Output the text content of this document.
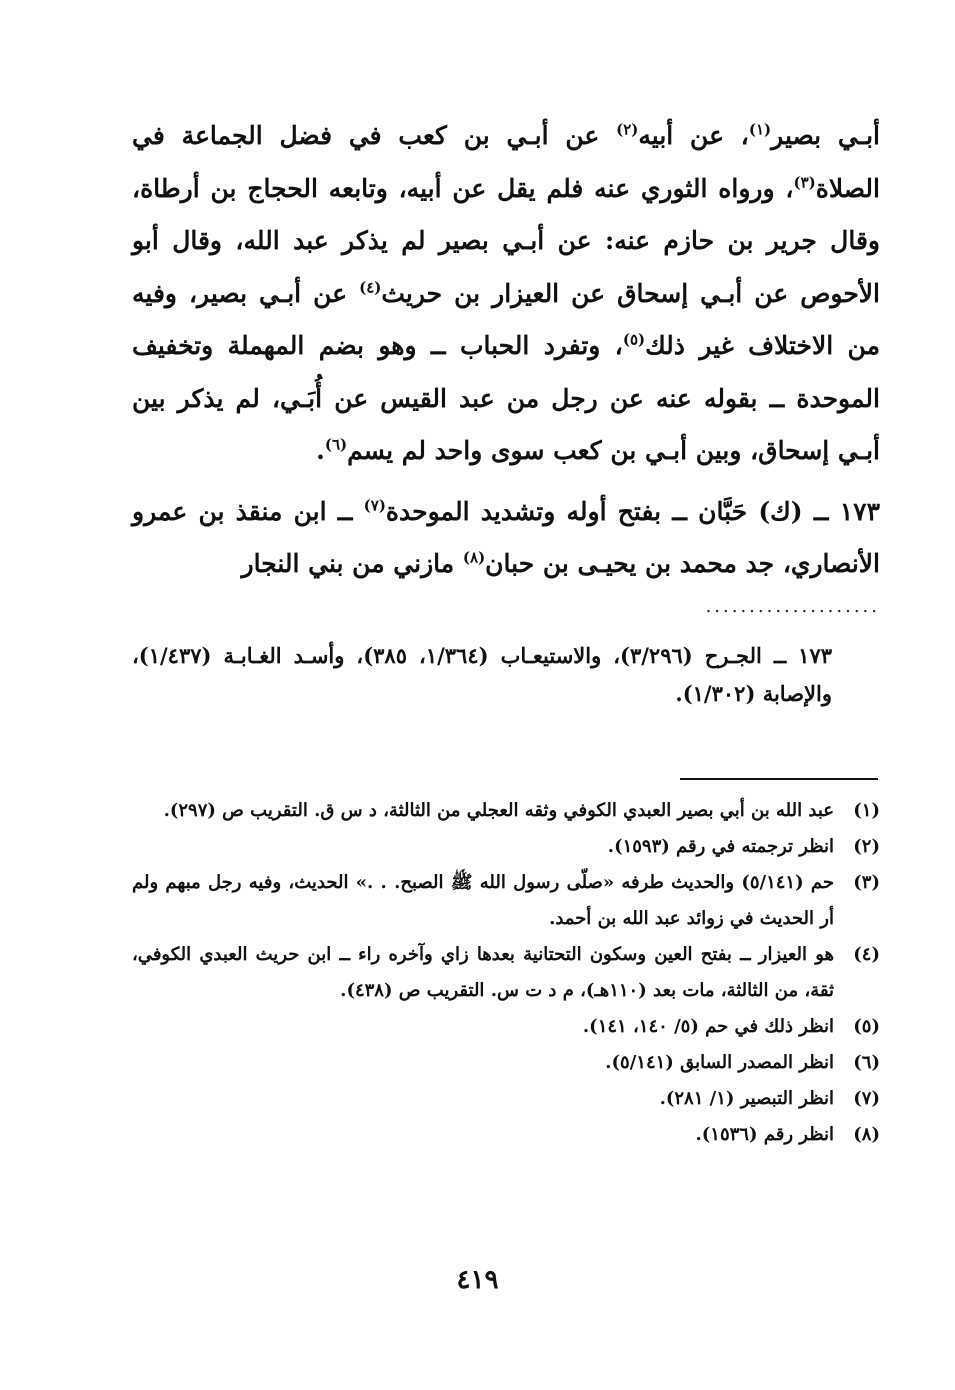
أبـي بصير$^{(١)}$، عن أبيه$^{(٢)}$ عن أبـي بن كعب في فضل الجماعة في الصلاة$^{(٣)}$، ورواه الثوري عنه فلم يقل عن أبيه، وتابعه الحجاج بن أرطاة، وقال جرير بن حازم عنه: عن أبـي بصير لم يذكر عبد الله، وقال أبو الأحوص عن أبـي إسحاق عن العيزار بن حريث$^{(٤)}$ عن أبـي بصير، وفيه من الاختلاف غير ذلك$^{(٥)}$، وتفرد الحباب ــ وهو بضم المهملة وتخفيف الموحدة ــ بقوله عنه عن رجل من عبد القيس عن أُبَـي، لم يذكر بين أبـي إسحاق، وبين أبـي بن كعب سوى واحد لم يسم$^{(٦)}$.

١٧٣ ــ (ك) حَبَّان ــ بفتح أوله وتشديد الموحدة$^{(٧)}$ ــ ابن منقذ بن عمرو الأنصاري، جد محمد بن يحيـى بن حبان$^{(٨)}$ مازني من بني النجار

....................
١٧٣ ــ الجـرح (٣/٢٩٦)، والاستيعـاب (١/٣٦٤، ٣٨٥)، وأسـد الغـابـة (١/٤٣٧)، والإصابة (١/٣٠٢).
(١)
عبد الله بن أبي بصير العبدي الكوفي وثقه العجلي من الثالثة، د س ق. التقريب ص (٢٩٧).
(٢)
انظر ترجمته في رقم (١٥٩٣).
(٣)
حم (٥/١٤١) والحديث طرفه «صلّى رسول الله ﷺ الصبح. . .» الحديث، وفيه رجل مبهم ولم أر الحديث في زوائد عبد الله بن أحمد.
(٤)
هو العيزار ــ بفتح العين وسكون التحتانية بعدها زاي وآخره راء ــ ابن حريث العبدي الكوفي، ثقة، من الثالثة، مات بعد (١١٠هـ)، م د ت س. التقريب ص (٤٣٨).
(٥)
انظر ذلك في حم (٥/ ١٤٠، ١٤١).
(٦)
انظر المصدر السابق (٥/١٤١).
(٧)
انظر التبصير (١/ ٢٨١).
(٨)
انظر رقم (١٥٣٦).
٤١٩
